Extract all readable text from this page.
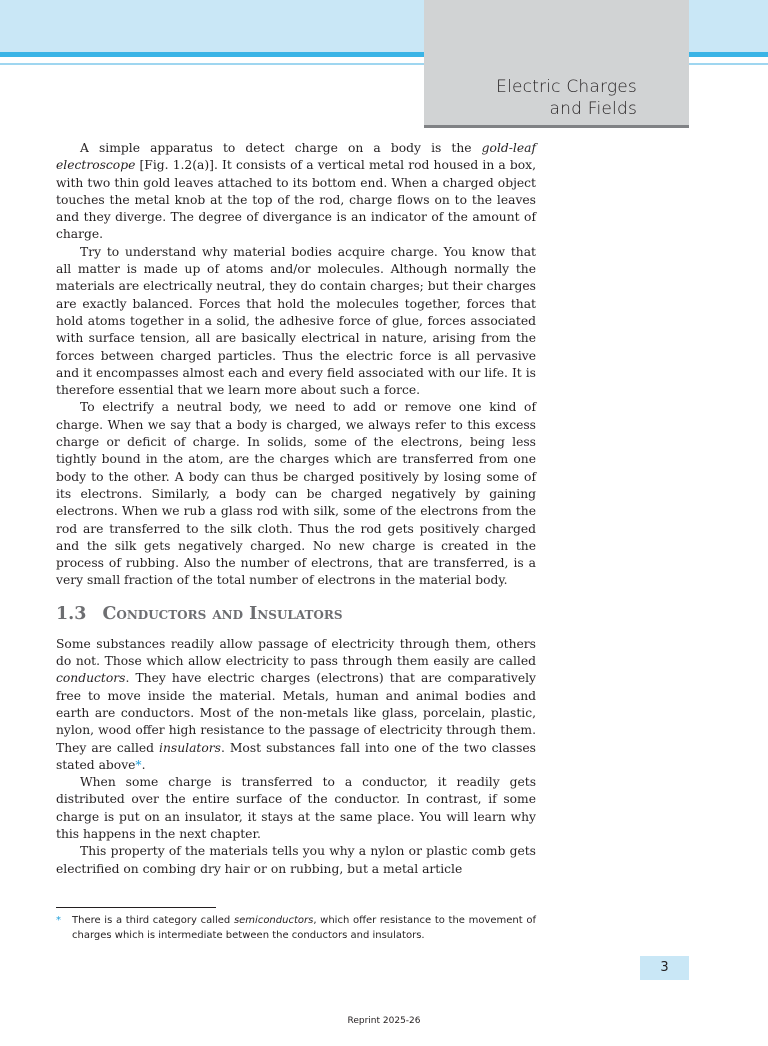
Electric Charges
and Fields

A simple apparatus to detect charge on a body is the gold-leaf electroscope [Fig. 1.2(a)]. It consists of a vertical metal rod housed in a box, with two thin gold leaves attached to its bottom end. When a charged object touches the metal knob at the top of the rod, charge flows on to the leaves and they diverge. The degree of divergance is an indicator of the amount of charge.

Try to understand why material bodies acquire charge. You know that all matter is made up of atoms and/or molecules. Although normally the materials are electrically neutral, they do contain charges; but their charges are exactly balanced. Forces that hold the molecules together, forces that hold atoms together in a solid, the adhesive force of glue, forces associated with surface tension, all are basically electrical in nature, arising from the forces between charged particles. Thus the electric force is all pervasive and it encompasses almost each and every field associated with our life. It is therefore essential that we learn more about such a force.

To electrify a neutral body, we need to add or remove one kind of charge. When we say that a body is charged, we always refer to this excess charge or deficit of charge. In solids, some of the electrons, being less tightly bound in the atom, are the charges which are transferred from one body to the other. A body can thus be charged positively by losing some of its electrons. Similarly, a body can be charged negatively by gaining electrons. When we rub a glass rod with silk, some of the electrons from the rod are transferred to the silk cloth. Thus the rod gets positively charged and the silk gets negatively charged. No new charge is created in the process of rubbing. Also the number of electrons, that are transferred, is a very small fraction of the total number of electrons in the material body.

1.3 Conductors and Insulators

Some substances readily allow passage of electricity through them, others do not. Those which allow electricity to pass through them easily are called conductors. They have electric charges (electrons) that are comparatively free to move inside the material. Metals, human and animal bodies and earth are conductors. Most of the non-metals like glass, porcelain, plastic, nylon, wood offer high resistance to the passage of electricity through them. They are called insulators. Most substances fall into one of the two classes stated above*.

When some charge is transferred to a conductor, it readily gets distributed over the entire surface of the conductor. In contrast, if some charge is put on an insulator, it stays at the same place. You will learn why this happens in the next chapter.

This property of the materials tells you why a nylon or plastic comb gets electrified on combing dry hair or on rubbing, but a metal article

*	There is a third category called semiconductors, which offer resistance to the movement of charges which is intermediate between the conductors and insulators.
3
Reprint 2025-26
